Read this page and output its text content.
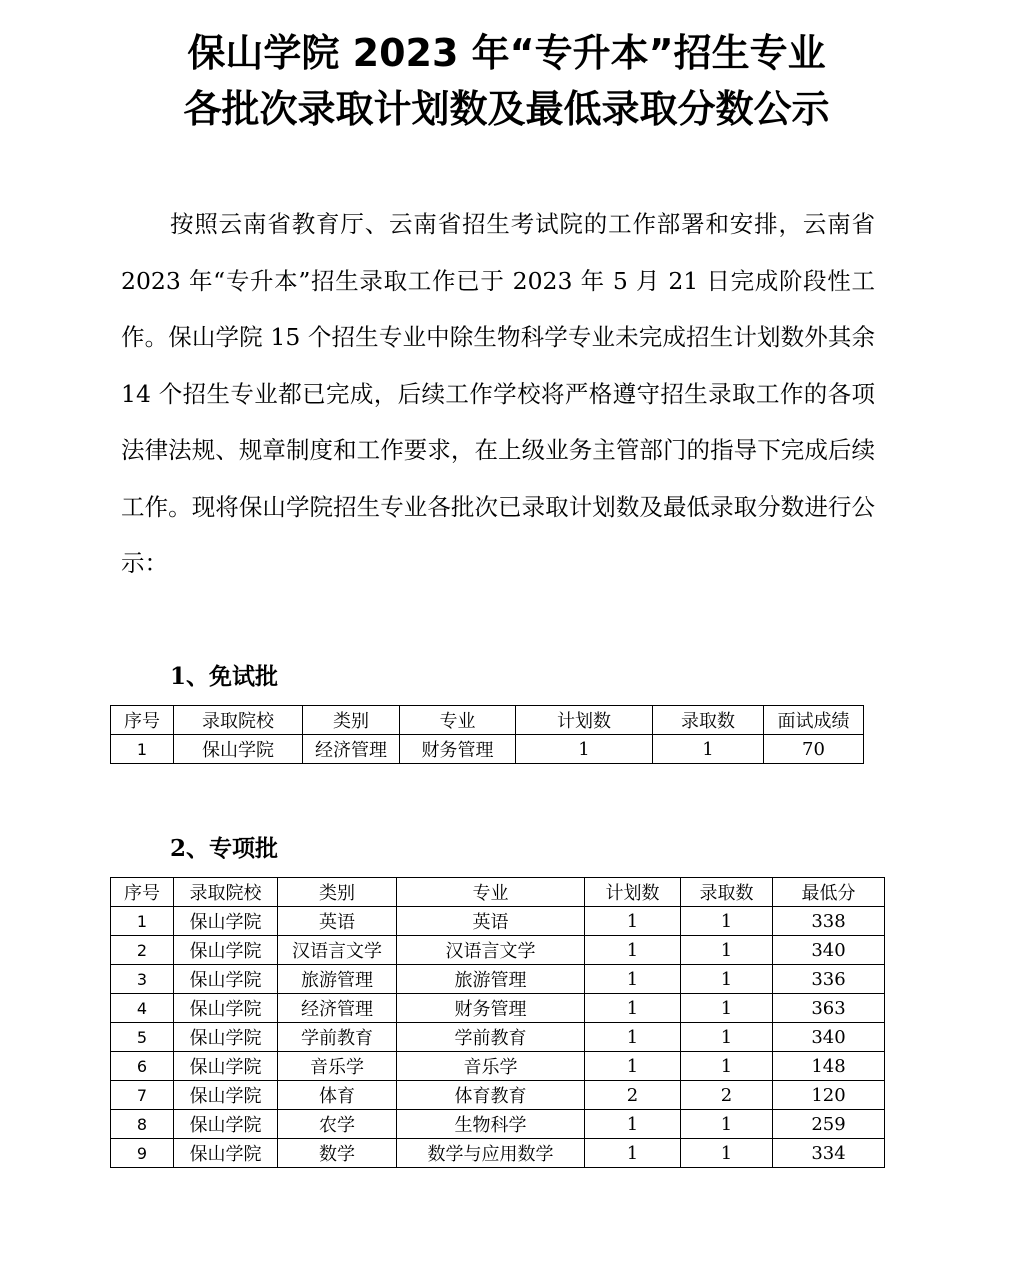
保山学院 2023 年“专升本”招生专业
各批次录取计划数及最低录取分数公示

按照云南省教育厅、云南省招生考试院的工作部署和安排，云南省 2023 年“专升本”招生录取工作已于 2023 年 5 月 21 日完成阶段性工作。保山学院 15 个招生专业中除生物科学专业未完成招生计划数外其余 14 个招生专业都已完成，后续工作学校将严格遵守招生录取工作的各项法律法规、规章制度和工作要求，在上级业务主管部门的指导下完成后续工作。现将保山学院招生专业各批次已录取计划数及最低录取分数进行公示：

1、免试批
序号	录取院校	类别	专业	计划数	录取数	面试成绩
1	保山学院	经济管理	财务管理	1	1	70
2、专项批
序号	录取院校	类别	专业	计划数	录取数	最低分
1	保山学院	英语	英语	1	1	338
2	保山学院	汉语言文学	汉语言文学	1	1	340
3	保山学院	旅游管理	旅游管理	1	1	336
4	保山学院	经济管理	财务管理	1	1	363
5	保山学院	学前教育	学前教育	1	1	340
6	保山学院	音乐学	音乐学	1	1	148
7	保山学院	体育	体育教育	2	2	120
8	保山学院	农学	生物科学	1	1	259
9	保山学院	数学	数学与应用数学	1	1	334
